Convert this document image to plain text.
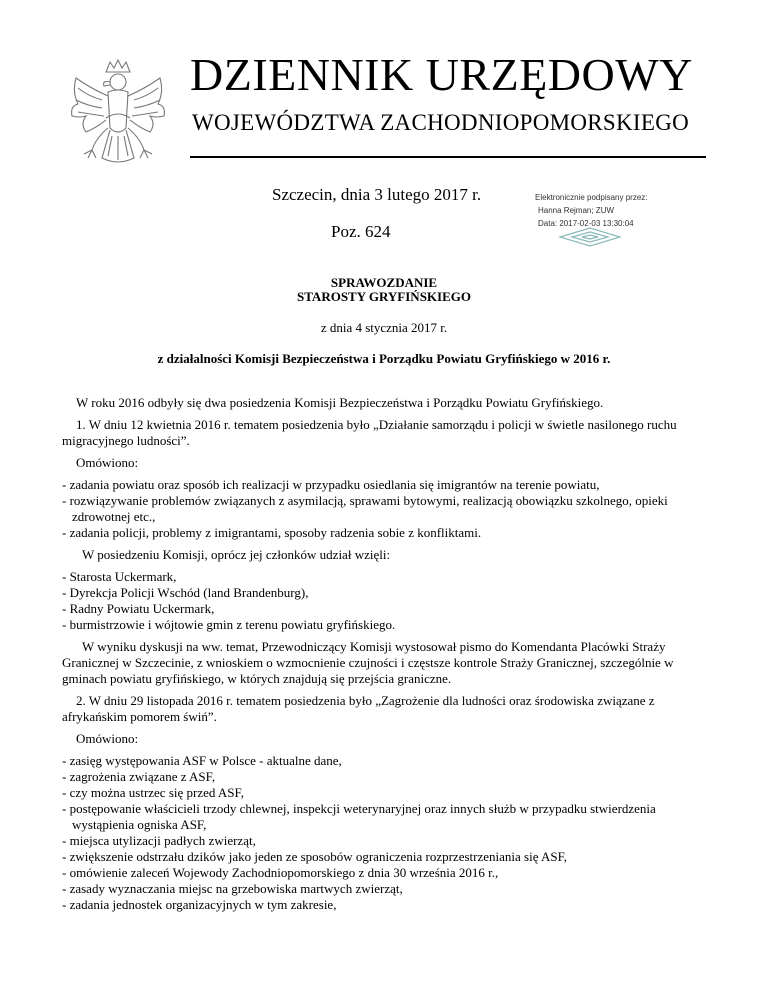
DZIENNIK URZĘDOWY
WOJEWÓDZTWA ZACHODNIOPOMORSKIEGO
Szczecin, dnia 3 lutego 2017 r.
Poz. 624
Elektronicznie podpisany przez:
Hanna Rejman; ZUW
Data: 2017-02-03 13:30:04
SPRAWOZDANIE
STAROSTY GRYFIŃSKIEGO
z dnia 4 stycznia 2017 r.
z działalności Komisji Bezpieczeństwa i Porządku Powiatu Gryfińskiego w 2016 r.

W roku 2016 odbyły się dwa posiedzenia Komisji Bezpieczeństwa i Porządku Powiatu Gryfińskiego.

1. W dniu 12 kwietnia 2016 r. tematem posiedzenia było „Działanie samorządu i policji w świetle nasilonego ruchu migracyjnego ludności”.

Omówiono:

- zadania powiatu oraz sposób ich realizacji w przypadku osiedlania się imigrantów na terenie powiatu,

- rozwiązywanie problemów związanych z asymilacją, sprawami bytowymi, realizacją obowiązku szkolnego, opieki zdrowotnej etc.,

- zadania policji, problemy z imigrantami, sposoby radzenia sobie z konfliktami.

W posiedzeniu Komisji, oprócz jej członków udział wzięli:

- Starosta Uckermark,

- Dyrekcja Policji Wschód (land Brandenburg),

- Radny Powiatu Uckermark,

- burmistrzowie i wójtowie gmin z terenu powiatu gryfińskiego.

W wyniku dyskusji na ww. temat, Przewodniczący Komisji wystosował pismo do Komendanta Placówki Straży Granicznej w Szczecinie, z wnioskiem o wzmocnienie czujności i częstsze kontrole Straży Granicznej, szczególnie w gminach powiatu gryfińskiego, w których znajdują się przejścia graniczne.

2. W dniu 29 listopada 2016 r. tematem posiedzenia było „Zagrożenie dla ludności oraz środowiska związane z afrykańskim pomorem świń”.

Omówiono:

- zasięg występowania ASF w Polsce - aktualne dane,

- zagrożenia związane z ASF,

- czy można ustrzec się przed ASF,

- postępowanie właścicieli trzody chlewnej, inspekcji weterynaryjnej oraz innych służb w przypadku stwierdzenia wystąpienia ogniska ASF,

- miejsca utylizacji padłych zwierząt,

- zwiększenie odstrzału dzików jako jeden ze sposobów ograniczenia rozprzestrzeniania się ASF,

- omówienie zaleceń Wojewody Zachodniopomorskiego z dnia 30 września 2016 r.,

- zasady wyznaczania miejsc na grzebowiska martwych zwierząt,

- zadania jednostek organizacyjnych w tym zakresie,
